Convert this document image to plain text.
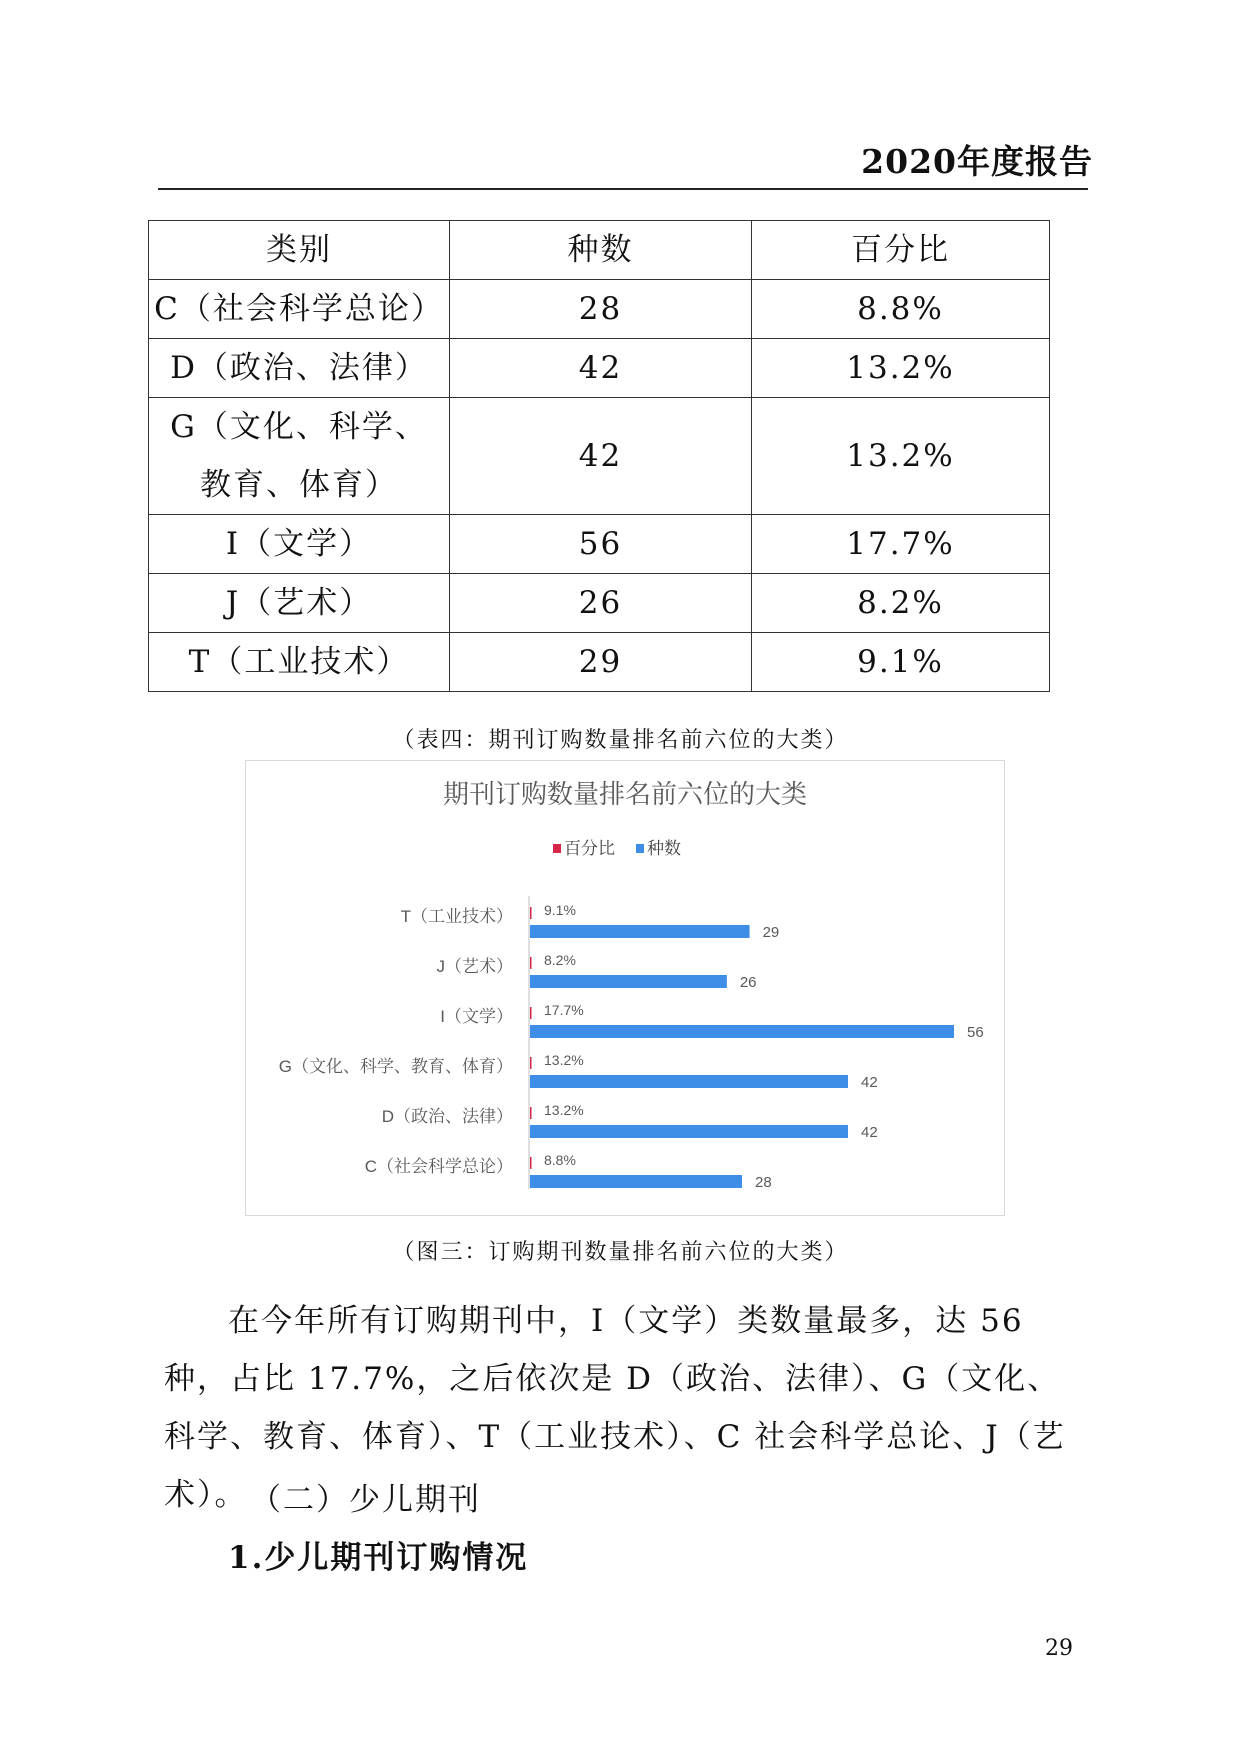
2020年度报告
类别	种数	百分比
C（社会科学总论）	28	8.8%
D（政治、法律）	42	13.2%
G（文化、科学、教育、体育）	42	13.2%
I（文学）	56	17.7%
J（艺术）	26	8.2%
T（工业技术）	29	9.1%
（表四：期刊订购数量排名前六位的大类）
期刊订购数量排名前六位的大类
百分比 种数
T（工业技术） 9.1%
29
J（艺术） 8.2%
26
I（文学） 17.7%
56
G（文化、科学、教育、体育） 13.2%
42
D（政治、法律） 13.2%
42
C（社会科学总论） 8.8%
28
（图三：订购期刊数量排名前六位的大类）
在今年所有订购期刊中，I（文学）类数量最多，达 56 种，占比 17.7%，之后依次是 D（政治、法律）、G（文化、科学、教育、体育）、T（工业技术）、C 社会科学总论、J（艺术）。 （二）少儿期刊
1.少儿期刊订购情况
29
